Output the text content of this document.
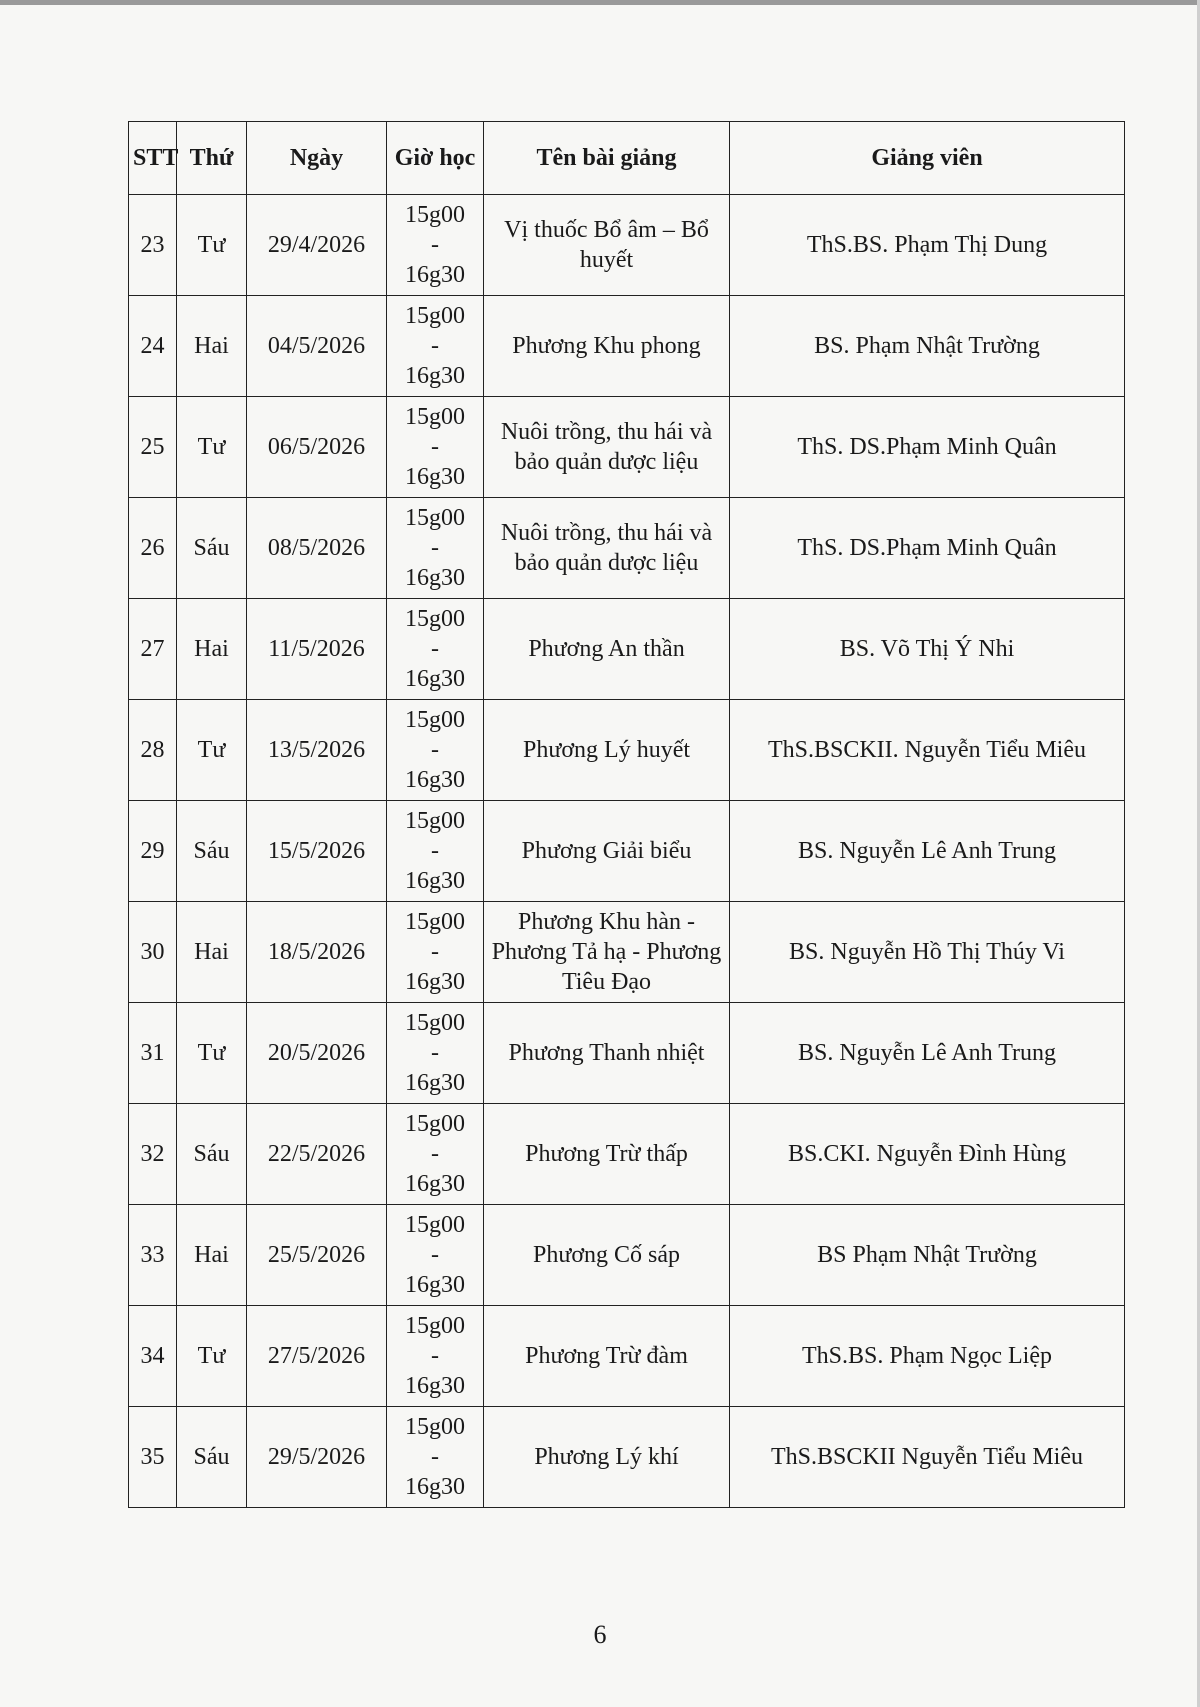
STT	Thứ	Ngày	Giờ học	Tên bài giảng	Giảng viên
23	Tư	29/4/2026	15g00
-
16g30	Vị thuốc Bổ âm – Bổ huyết	ThS.BS. Phạm Thị Dung
24	Hai	04/5/2026	15g00
-
16g30	Phương Khu phong	BS. Phạm Nhật Trường
25	Tư	06/5/2026	15g00
-
16g30	Nuôi trồng, thu hái và bảo quản dược liệu	ThS. DS.Phạm Minh Quân
26	Sáu	08/5/2026	15g00
-
16g30	Nuôi trồng, thu hái và bảo quản dược liệu	ThS. DS.Phạm Minh Quân
27	Hai	11/5/2026	15g00
-
16g30	Phương An thần	BS. Võ Thị Ý Nhi
28	Tư	13/5/2026	15g00
-
16g30	Phương Lý huyết	ThS.BSCKII. Nguyễn Tiểu Miêu
29	Sáu	15/5/2026	15g00
-
16g30	Phương Giải biểu	BS. Nguyễn Lê Anh Trung
30	Hai	18/5/2026	15g00
-
16g30	Phương Khu hàn - Phương Tả hạ - Phương Tiêu Đạo	BS. Nguyễn Hồ Thị Thúy Vi
31	Tư	20/5/2026	15g00
-
16g30	Phương Thanh nhiệt	BS. Nguyễn Lê Anh Trung
32	Sáu	22/5/2026	15g00
-
16g30	Phương Trừ thấp	BS.CKI. Nguyễn Đình Hùng
33	Hai	25/5/2026	15g00
-
16g30	Phương Cố sáp	BS Phạm Nhật Trường
34	Tư	27/5/2026	15g00
-
16g30	Phương Trừ đàm	ThS.BS. Phạm Ngọc Liệp
35	Sáu	29/5/2026	15g00
-
16g30	Phương Lý khí	ThS.BSCKII Nguyễn Tiểu Miêu
6
